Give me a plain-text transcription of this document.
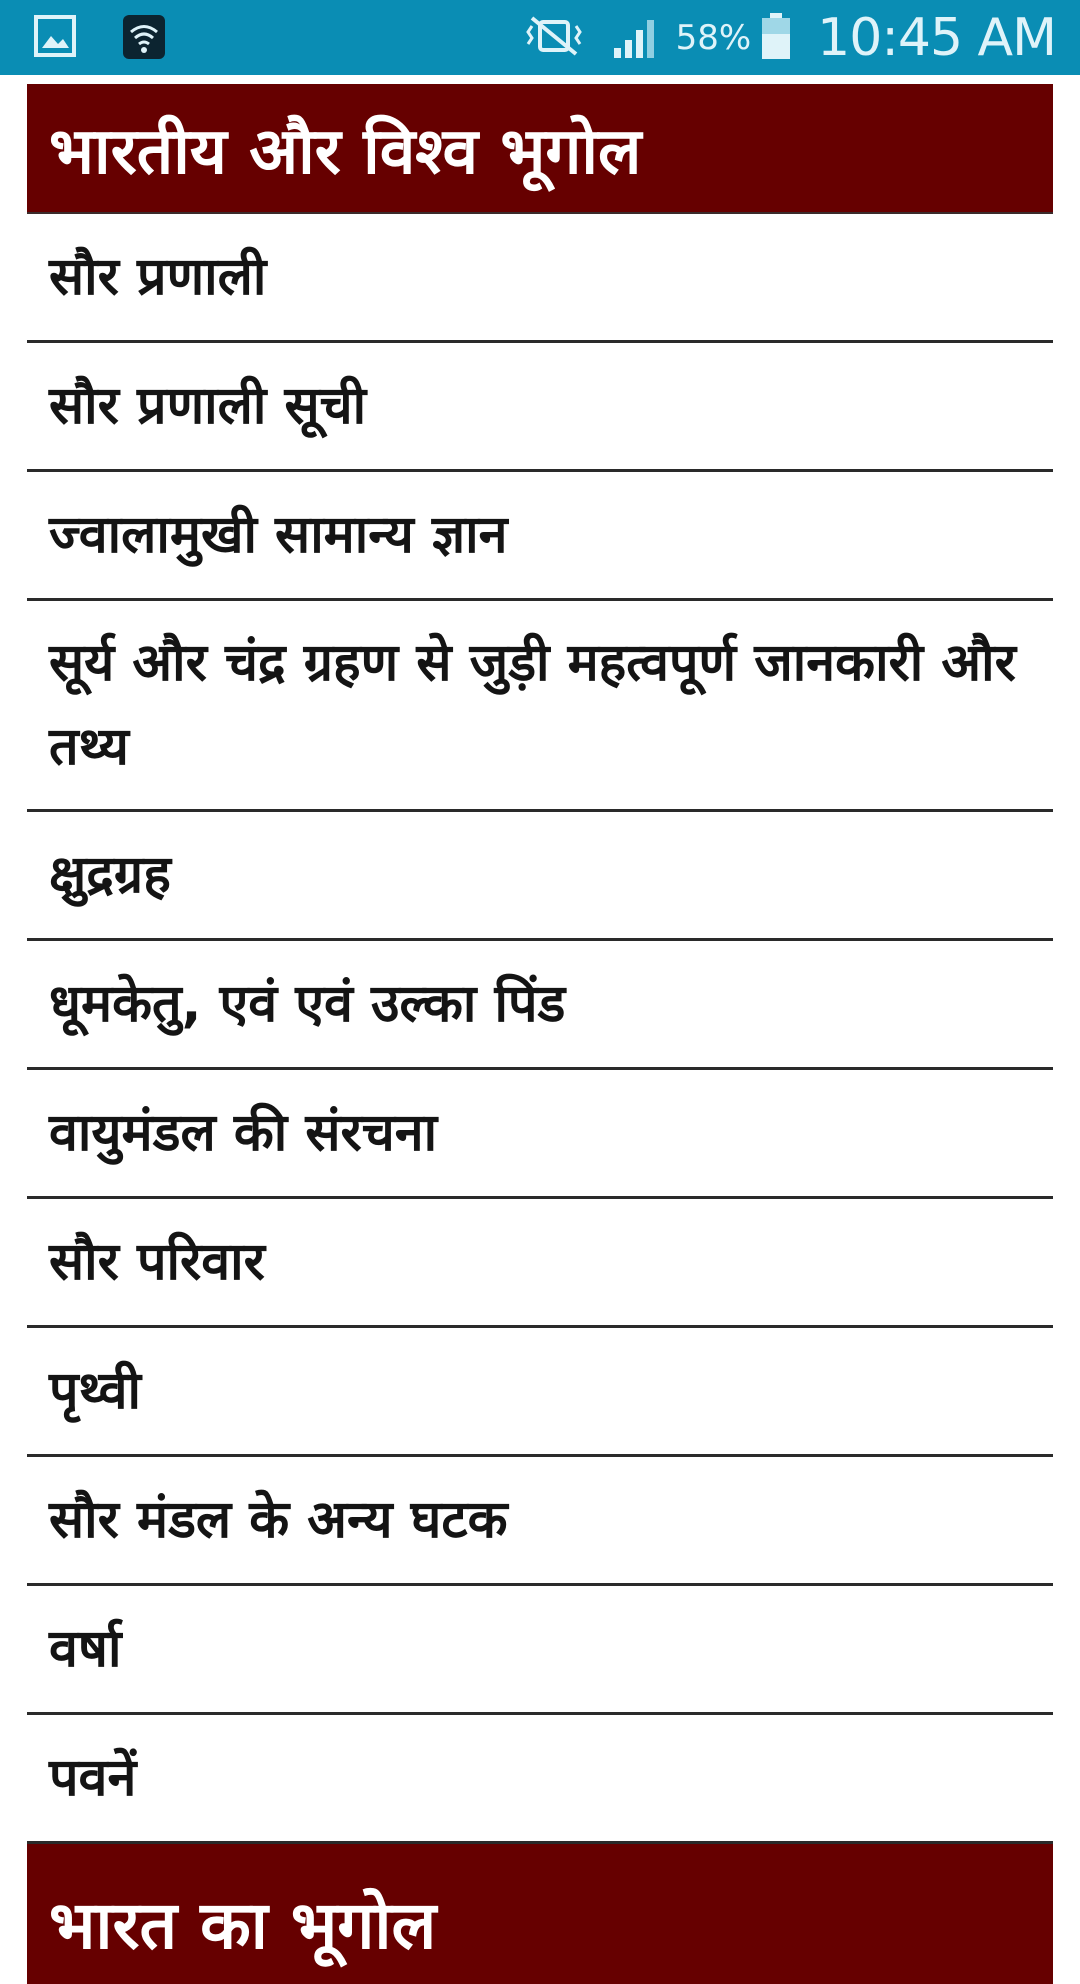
58% 10:45 AM
भारतीय और विश्व भूगोल
सौर प्रणाली
सौर प्रणाली सूची
ज्वालामुखी सामान्य ज्ञान
सूर्य और चंद्र ग्रहण से जुड़ी महत्वपूर्ण जानकारी और तथ्य
क्षुद्रग्रह
धूमकेतु, एवं एवं उल्का पिंड
वायुमंडल की संरचना
सौर परिवार
पृथ्वी
सौर मंडल के अन्य घटक
वर्षा
पवनें
भारत का भूगोल
